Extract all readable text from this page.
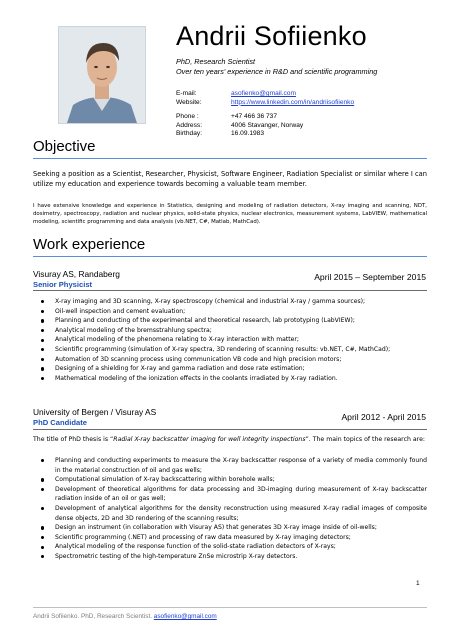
Andrii Sofiienko
PhD, Research Scientist
Over ten years' experience in R&D and scientific programming
E-mail:	asofienko@gmail.com
Website:	https://www.linkedin.com/in/andriisofiienko
Phone :	+47 466 36 737
Address:	4006 Stavanger, Norway
Birthday:	16.09.1983
Objective
Seeking a position as a Scientist, Researcher, Physicist, Software Engineer, Radiation Specialist or similar where I can utilize my education and experience towards becoming a valuable team member.
I have extensive knowledge and experience in Statistics, designing and modeling of radiation detectors, X-ray imaging and scanning, NDT, dosimetry, spectroscopy, radiation and nuclear physics, solid-state physics, nuclear electronics, measurement systems, LabVIEW, mathematical modeling, scientific programming and data analysis (vb.NET, C#, Matlab, MathCad).
Work experience
Visuray AS, Randaberg
Senior Physicist
April 2015 – September 2015
X-ray imaging and 3D scanning, X-ray spectroscopy (chemical and industrial X-ray / gamma sources);
Oil-well inspection and cement evaluation;
Planning and conducting of the experimental and theoretical research, lab prototyping (LabVIEW);
Analytical modeling of the bremsstrahlung spectra;
Analytical modeling of the phenomena relating to X-ray interaction with matter;
Scientific programming (simulation of X-ray spectra, 3D rendering of scanning results: vb.NET, C#, MathCad);
Automation of 3D scanning process using communication VB code and high precision motors;
Designing of a shielding for X-ray and gamma radiation and dose rate estimation;
Mathematical modeling of the ionization effects in the coolants irradiated by X-ray radiation.
University of Bergen / Visuray AS
PhD Candidate
April 2012 - April 2015
The title of PhD thesis is “Radial X-ray backscatter imaging for well integrity inspections”. The main topics of the research are:
Planning and conducting experiments to measure the X-ray backscatter response of a variety of media commonly found in the material construction of oil and gas wells;
Computational simulation of X-ray backscattering within borehole walls;
Development of theoretical algorithms for data processing and 3D-imaging during measurement of X-ray backscatter radiation inside of an oil or gas well;
Development of analytical algorithms for the density reconstruction using measured X-ray radial images of composite dense objects, 2D and 3D rendering of the scanning results;
Design an instrument (in collaboration with Visuray AS) that generates 3D X-ray image inside of oil-wells;
Scientific programming (.NET) and processing of raw data measured by X-ray imaging detectors;
Analytical modeling of the response function of the solid-state radiation detectors of X-rays;
Spectrometric testing of the high-temperature ZnSe microstrip X-ray detectors.
1
Andrii Sofiienko. PhD, Research Scientist. asofienko@gmail.com
